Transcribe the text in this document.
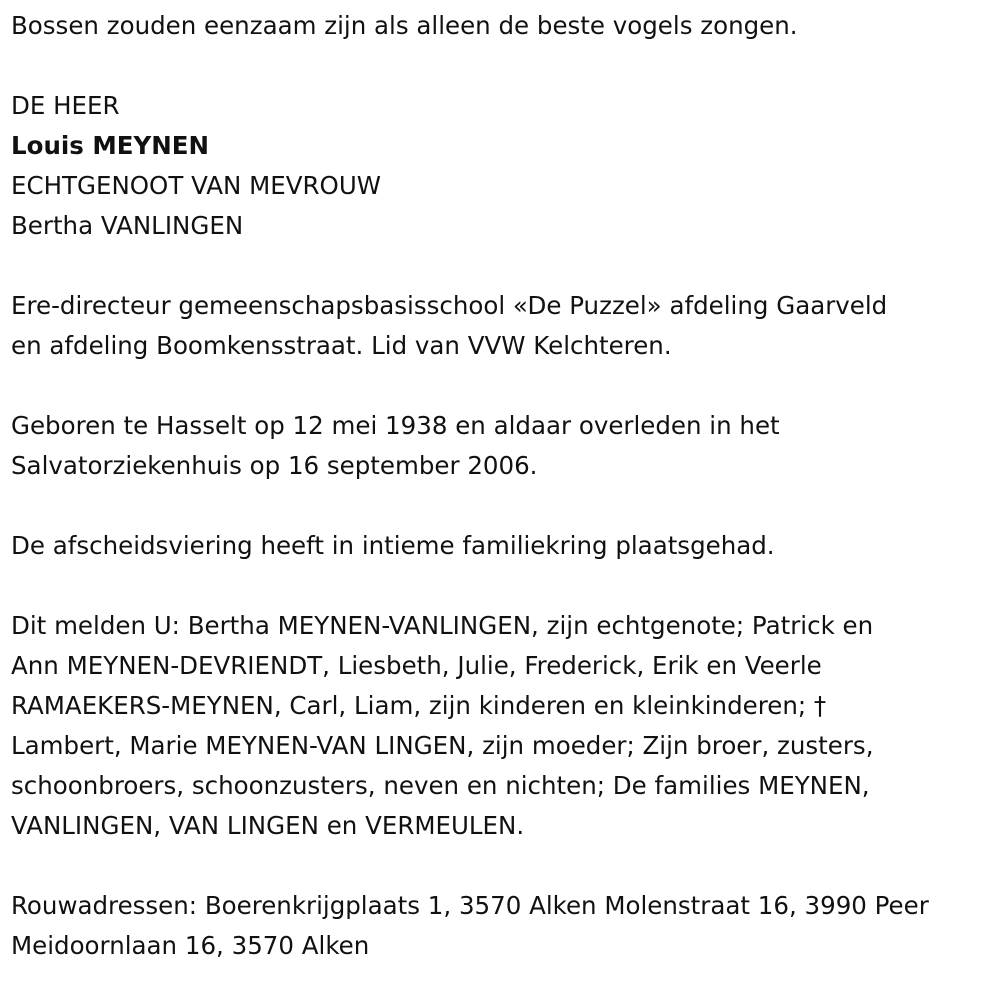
Bossen zouden eenzaam zijn als alleen de beste vogels zongen.
DE HEER
Louis MEYNEN
ECHTGENOOT VAN MEVROUW
Bertha VANLINGEN
Ere-directeur gemeenschapsbasisschool «De Puzzel» afdeling Gaarveld
en afdeling Boomkensstraat. Lid van VVW Kelchteren.
Geboren te Hasselt op 12 mei 1938 en aldaar overleden in het
Salvatorziekenhuis op 16 september 2006.
De afscheidsviering heeft in intieme familiekring plaatsgehad.
Dit melden U: Bertha MEYNEN-VANLINGEN, zijn echtgenote; Patrick en
Ann MEYNEN-DEVRIENDT, Liesbeth, Julie, Frederick, Erik en Veerle
RAMAEKERS-MEYNEN, Carl, Liam, zijn kinderen en kleinkinderen; †
Lambert, Marie MEYNEN-VAN LINGEN, zijn moeder; Zijn broer, zusters,
schoonbroers, schoonzusters, neven en nichten; De families MEYNEN,
VANLINGEN, VAN LINGEN en VERMEULEN.
Rouwadressen: Boerenkrijgplaats 1, 3570 Alken Molenstraat 16, 3990 Peer
Meidoornlaan 16, 3570 Alken
